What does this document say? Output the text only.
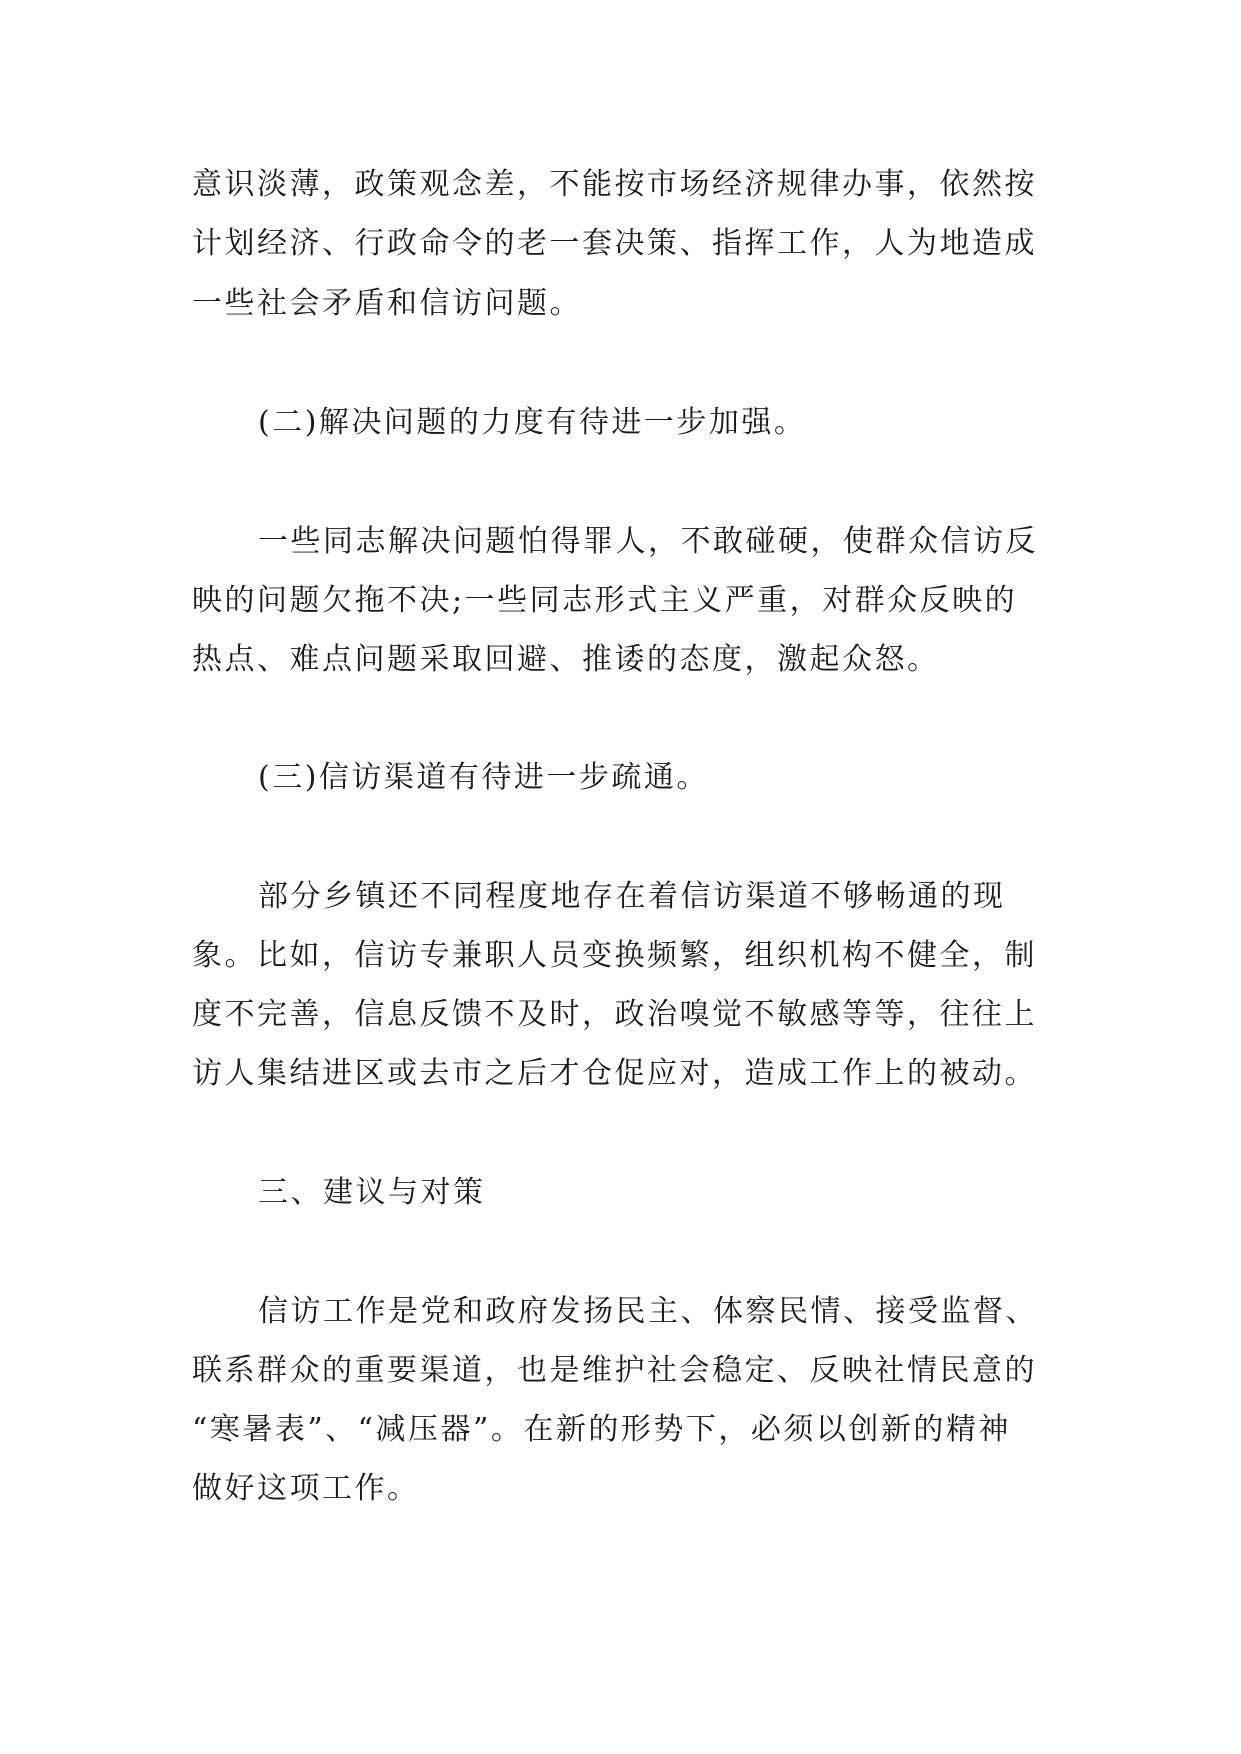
意识淡薄，政策观念差，不能按市场经济规律办事，依然按
计划经济、行政命令的老一套决策、指挥工作，人为地造成
一些社会矛盾和信访问题。
(二)解决问题的力度有待进一步加强。
一些同志解决问题怕得罪人，不敢碰硬，使群众信访反
映的问题欠拖不决;一些同志形式主义严重，对群众反映的
热点、难点问题采取回避、推诿的态度，激起众怒。
(三)信访渠道有待进一步疏通。
部分乡镇还不同程度地存在着信访渠道不够畅通的现
象。比如，信访专兼职人员变换频繁，组织机构不健全，制
度不完善，信息反馈不及时，政治嗅觉不敏感等等，往往上
访人集结进区或去市之后才仓促应对，造成工作上的被动。
三、建议与对策
信访工作是党和政府发扬民主、体察民情、接受监督、
联系群众的重要渠道，也是维护社会稳定、反映社情民意的
“寒暑表”、“减压器”。在新的形势下，必须以创新的精神
做好这项工作。
